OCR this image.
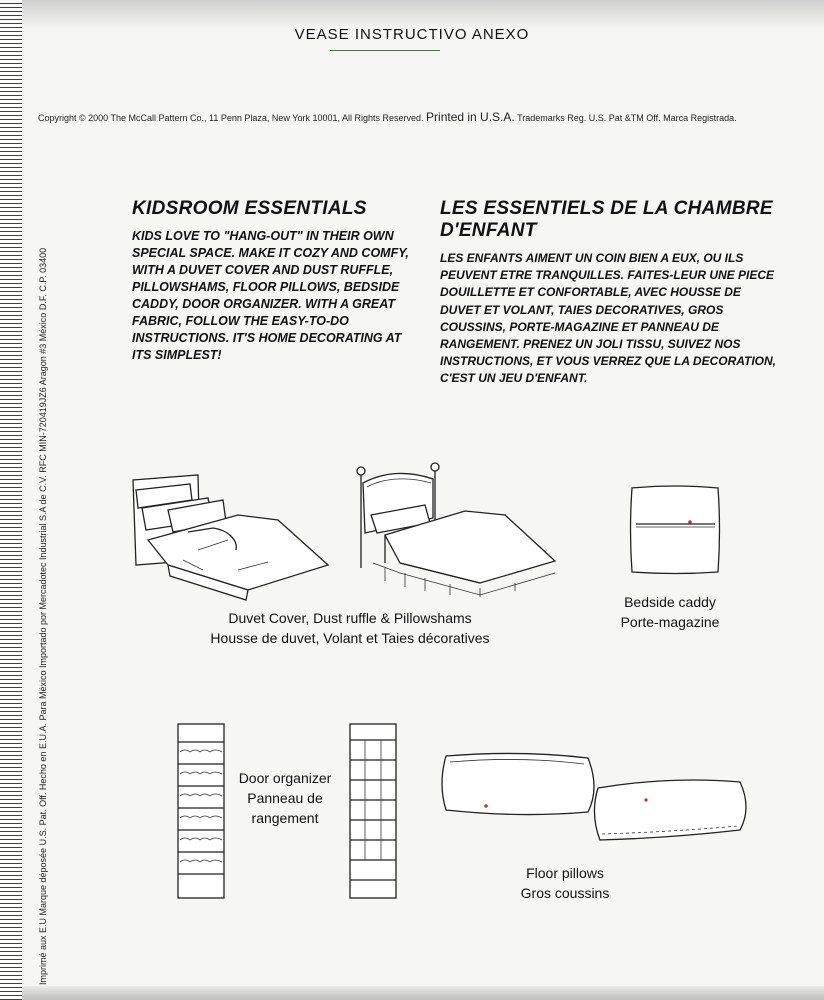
VEASE INSTRUCTIVO ANEXO
Copyright © 2000 The McCall Pattern Co., 11 Penn Plaza, New York 10001, All Rights Reserved. Printed in U.S.A. Trademarks Reg. U.S. Pat &TM Off. Marca Registrada.
Imprimé aux E.U Marque déposée U.S. Pat. Off. Hecho en E.U.A. Para México Importado por Mercadotec Industrial S.A de C.V. RFC MIN-720419JZ6 Aragon #3 México D.F. C.P. 03400
KIDSROOM ESSENTIALS

KIDS LOVE TO "HANG-OUT" IN THEIR OWN SPECIAL SPACE. MAKE IT COZY AND COMFY, WITH A DUVET COVER AND DUST RUFFLE, PILLOWSHAMS, FLOOR PILLOWS, BEDSIDE CADDY, DOOR ORGANIZER. WITH A GREAT FABRIC, FOLLOW THE EASY-TO-DO INSTRUCTIONS. IT'S HOME DECORATING AT ITS SIMPLEST!

LES ESSENTIELS DE LA CHAMBRE D'ENFANT

LES ENFANTS AIMENT UN COIN BIEN A EUX, OU ILS PEUVENT ETRE TRANQUILLES. FAITES-LEUR UNE PIECE DOUILLETTE ET CONFORTABLE, AVEC HOUSSE DE DUVET ET VOLANT, TAIES DECORATIVES, GROS COUSSINS, PORTE-MAGAZINE ET PANNEAU DE RANGEMENT. PRENEZ UN JOLI TISSU, SUIVEZ NOS INSTRUCTIONS, ET VOUS VERREZ QUE LA DECORATION, C'EST UN JEU D'ENFANT.

Duvet Cover, Dust ruffle & Pillowshams
Housse de duvet, Volant et Taies décoratives
Bedside caddy
Porte-magazine
Door organizer
Panneau de
rangement
Floor pillows
Gros coussins
